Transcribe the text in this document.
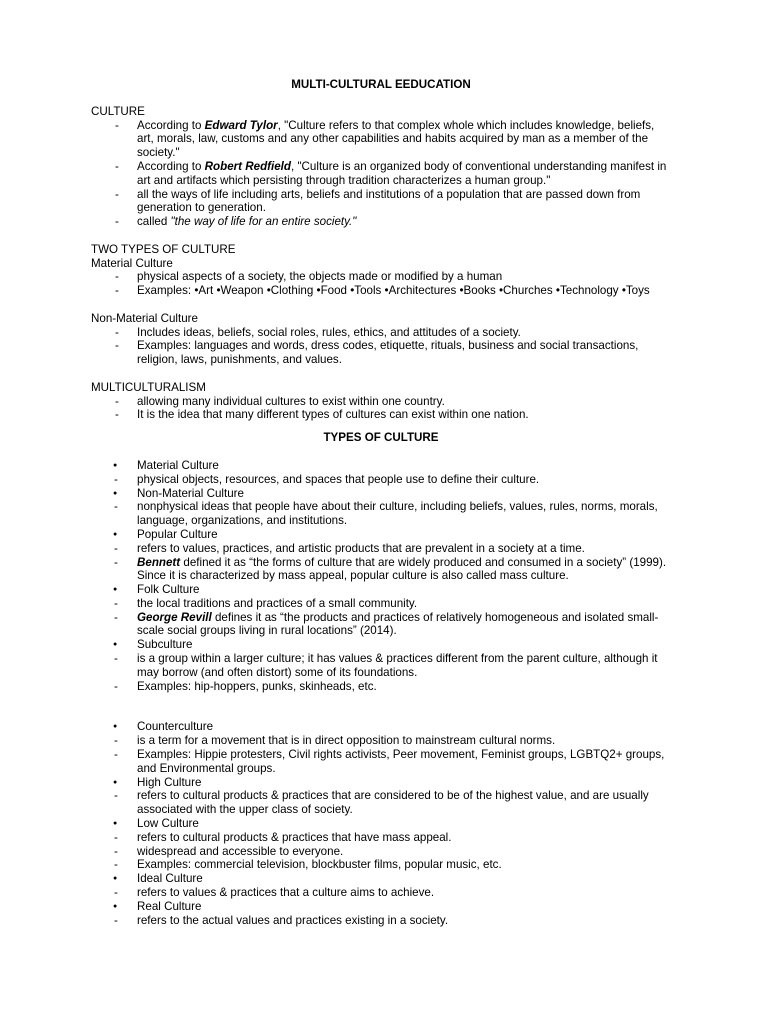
MULTI-CULTURAL EEDUCATION
CULTURE
- According to Edward Tylor, "Culture refers to that complex whole which includes knowledge, beliefs, art, morals, law, customs and any other capabilities and habits acquired by man as a member of the society."
- According to Robert Redfield, "Culture is an organized body of conventional understanding manifest in art and artifacts which persisting through tradition characterizes a human group."
- all the ways of life including arts, beliefs and institutions of a population that are passed down from generation to generation.
- called "the way of life for an entire society."
TWO TYPES OF CULTURE
Material Culture
- physical aspects of a society, the objects made or modified by a human
- Examples: •Art •Weapon •Clothing •Food •Tools •Architectures •Books •Churches •Technology •Toys
Non-Material Culture
- Includes ideas, beliefs, social roles, rules, ethics, and attitudes of a society.
- Examples: languages and words, dress codes, etiquette, rituals, business and social transactions, religion, laws, punishments, and values.
MULTICULTURALISM
- allowing many individual cultures to exist within one country.
- It is the idea that many different types of cultures can exist within one nation.
TYPES OF CULTURE
● Material Culture
- physical objects, resources, and spaces that people use to define their culture.
● Non-Material Culture
- nonphysical ideas that people have about their culture, including beliefs, values, rules, norms, morals, language, organizations, and institutions.
● Popular Culture
- refers to values, practices, and artistic products that are prevalent in a society at a time.
- Bennett defined it as “the forms of culture that are widely produced and consumed in a society” (1999). Since it is characterized by mass appeal, popular culture is also called mass culture.
● Folk Culture
- the local traditions and practices of a small community.
- George Revill defines it as “the products and practices of relatively homogeneous and isolated small-scale social groups living in rural locations” (2014).
● Subculture
- is a group within a larger culture; it has values & practices different from the parent culture, although it may borrow (and often distort) some of its foundations.
- Examples: hip-hoppers, punks, skinheads, etc.
● Counterculture
- is a term for a movement that is in direct opposition to mainstream cultural norms.
- Examples: Hippie protesters, Civil rights activists, Peer movement, Feminist groups, LGBTQ2+ groups, and Environmental groups.
● High Culture
- refers to cultural products & practices that are considered to be of the highest value, and are usually associated with the upper class of society.
● Low Culture
- refers to cultural products & practices that have mass appeal.
- widespread and accessible to everyone.
- Examples: commercial television, blockbuster films, popular music, etc.
● Ideal Culture
- refers to values & practices that a culture aims to achieve.
● Real Culture
- refers to the actual values and practices existing in a society.
